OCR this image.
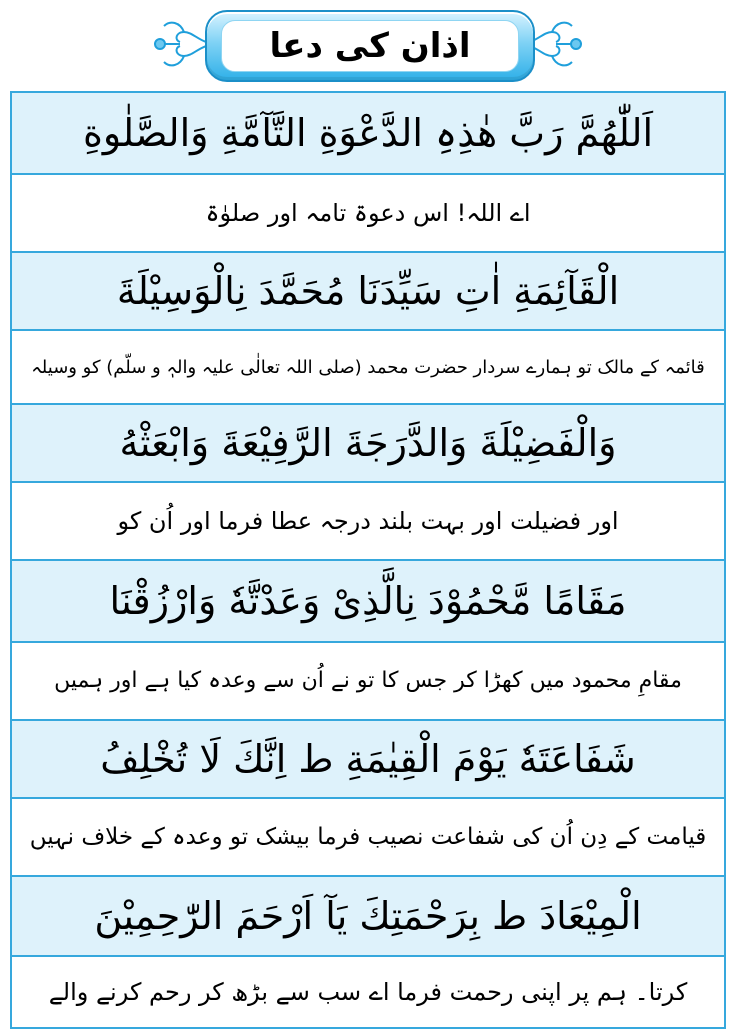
اذان کی دعا
اَللّٰھُمَّ رَبَّ ھٰذِہِ الدَّعْوَةِ التَّآمَّةِ وَالصَّلٰوةِ
اے اللہ! اس دعوۃ تامہ اور صلوٰۃ
الْقَآئِمَةِ اٰتِ سَیِّدَنَا مُحَمَّدَ نِالْوَسِیْلَةَ
قائمہ کے مالک تو ہمارے سردار حضرت محمد (صلی اللہ تعالٰی علیہ والہٖ و سلّم) کو وسیلہ
وَالْفَضِیْلَةَ وَالدَّرَجَةَ الرَّفِیْعَةَ وَابْعَثْهُ
اور فضیلت اور بہت بلند درجہ عطا فرما اور اُن کو
مَقَامًا مَّحْمُوْدَ نِالَّذِیْ وَعَدْتَّهٗ وَارْزُقْنَا
مقامِ محمود میں کھڑا کر جس کا تو نے اُن سے وعدہ کیا ہے اور ہمیں
شَفَاعَتَهٗ یَوْمَ الْقِیٰمَةِ ط اِنَّكَ لَا تُخْلِفُ
قیامت کے دِن اُن کی شفاعت نصیب فرما بیشک تو وعدہ کے خلاف نہیں
الْمِیْعَادَ ط بِرَحْمَتِكَ یَآ اَرْحَمَ الرّٰحِمِیْنَ
کرتا۔ ہم پر اپنی رحمت فرما اے سب سے بڑھ کر رحم کرنے والے
